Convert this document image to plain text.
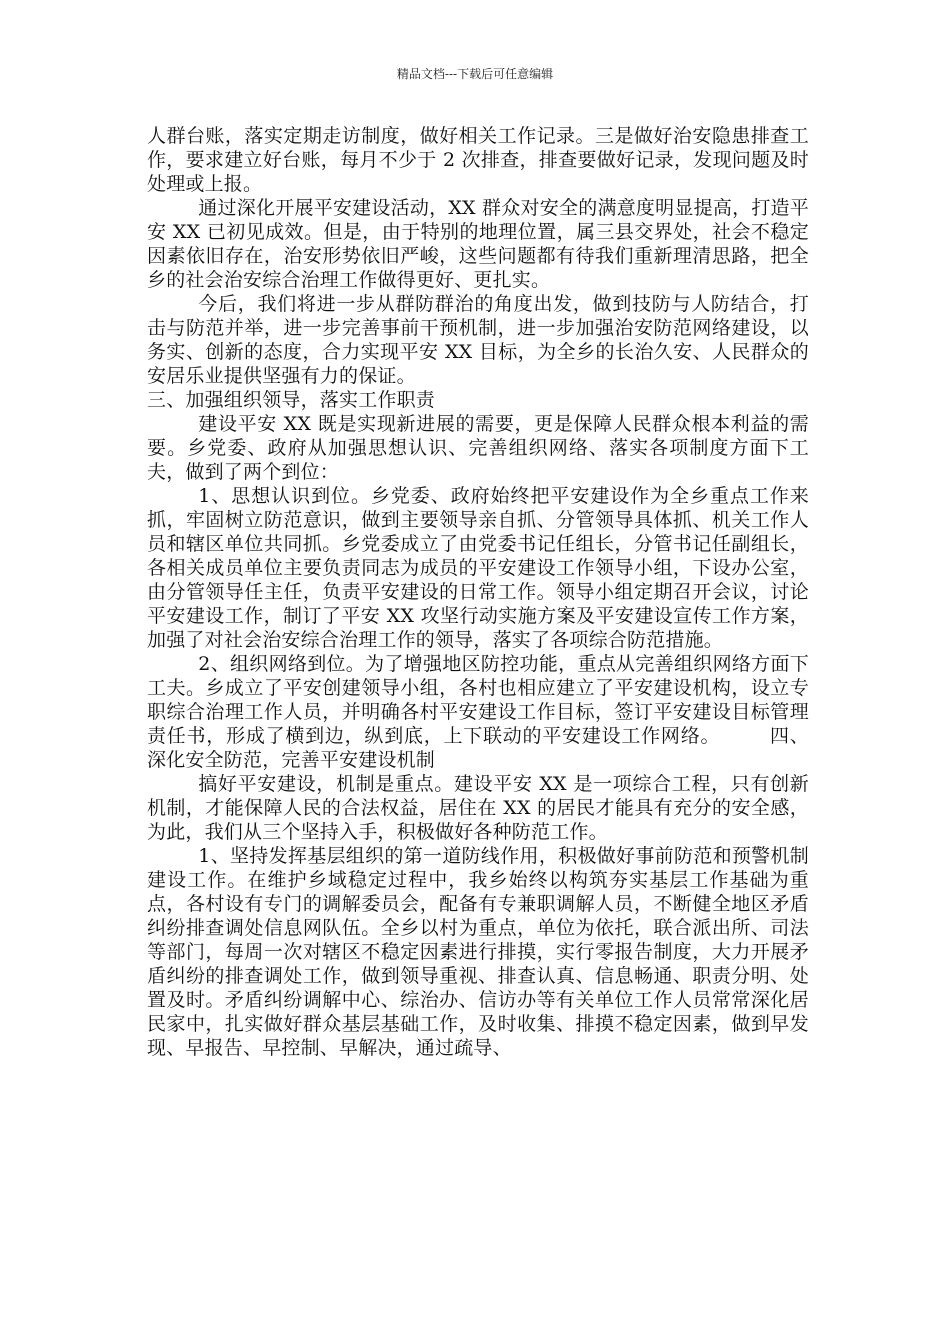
精品文档---下载后可任意编辑

人群台账，落实定期走访制度，做好相关工作记录。三是做好治安隐患排查工作，要求建立好台账，每月不少于 2 次排查，排查要做好记录，发现问题及时处理或上报。

通过深化开展平安建设活动，XX 群众对安全的满意度明显提高，打造平安 XX 已初见成效。但是，由于特别的地理位置，属三县交界处，社会不稳定因素依旧存在，治安形势依旧严峻，这些问题都有待我们重新理清思路，把全乡的社会治安综合治理工作做得更好、更扎实。

今后，我们将进一步从群防群治的角度出发，做到技防与人防结合，打击与防范并举，进一步完善事前干预机制，进一步加强治安防范网络建设，以务实、创新的态度，合力实现平安 XX 目标，为全乡的长治久安、人民群众的安居乐业提供坚强有力的保证。

三、加强组织领导，落实工作职责

建设平安 XX 既是实现新进展的需要，更是保障人民群众根本利益的需要。乡党委、政府从加强思想认识、完善组织网络、落实各项制度方面下工夫，做到了两个到位：

1、思想认识到位。乡党委、政府始终把平安建设作为全乡重点工作来抓，牢固树立防范意识，做到主要领导亲自抓、分管领导具体抓、机关工作人员和辖区单位共同抓。乡党委成立了由党委书记任组长，分管书记任副组长，各相关成员单位主要负责同志为成员的平安建设工作领导小组，下设办公室，由分管领导任主任，负责平安建设的日常工作。领导小组定期召开会议，讨论平安建设工作，制订了平安 XX 攻坚行动实施方案及平安建设宣传工作方案，加强了对社会治安综合治理工作的领导，落实了各项综合防范措施。

2、组织网络到位。为了增强地区防控功能，重点从完善组织网络方面下工夫。乡成立了平安创建领导小组，各村也相应建立了平安建设机构，设立专职综合治理工作人员，并明确各村平安建设工作目标，签订平安建设目标管理责任书，形成了横到边，纵到底，上下联动的平安建设工作网络。　　　四、深化安全防范，完善平安建设机制

搞好平安建设，机制是重点。建设平安 XX 是一项综合工程，只有创新机制，才能保障人民的合法权益，居住在 XX 的居民才能具有充分的安全感，为此，我们从三个坚持入手，积极做好各种防范工作。

1、坚持发挥基层组织的第一道防线作用，积极做好事前防范和预警机制建设工作。在维护乡域稳定过程中，我乡始终以构筑夯实基层工作基础为重点，各村设有专门的调解委员会，配备有专兼职调解人员，不断健全地区矛盾纠纷排查调处信息网队伍。全乡以村为重点，单位为依托，联合派出所、司法等部门，每周一次对辖区不稳定因素进行排摸，实行零报告制度，大力开展矛盾纠纷的排查调处工作，做到领导重视、排查认真、信息畅通、职责分明、处置及时。矛盾纠纷调解中心、综治办、信访办等有关单位工作人员常常深化居民家中，扎实做好群众基层基础工作，及时收集、排摸不稳定因素，做到早发现、早报告、早控制、早解决，通过疏导、
